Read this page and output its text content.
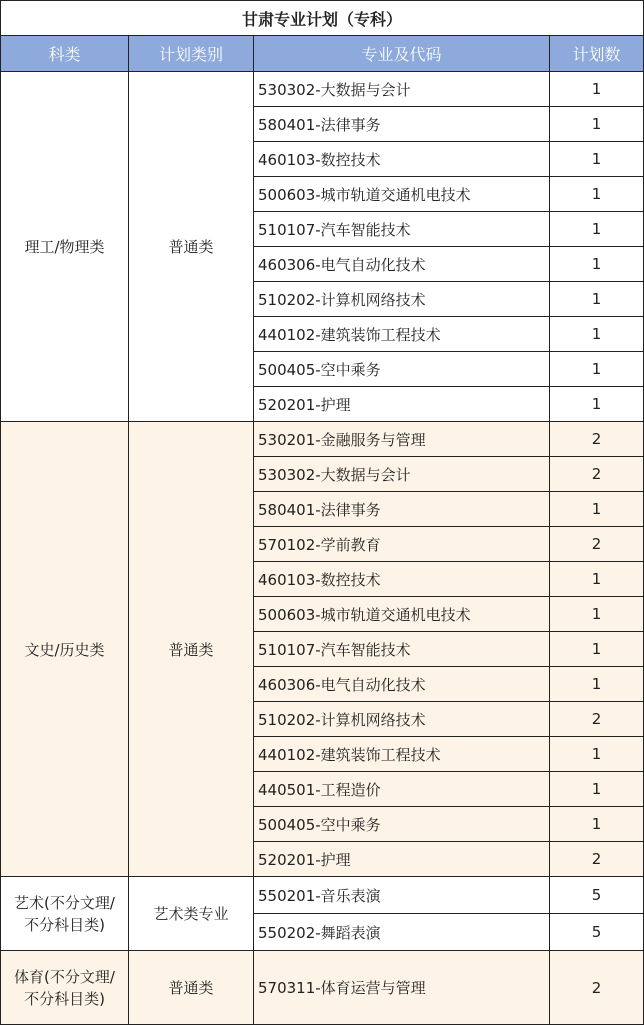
甘肃专业计划（专科）			
科类	计划类别	专业及代码	计划数
理工/物理类	普通类	530302-大数据与会计	1
		580401-法律事务	1
		460103-数控技术	1
		500603-城市轨道交通机电技术	1
		510107-汽车智能技术	1
		460306-电气自动化技术	1
		510202-计算机网络技术	1
		440102-建筑装饰工程技术	1
		500405-空中乘务	1
		520201-护理	1
文史/历史类	普通类	530201-金融服务与管理	2
		530302-大数据与会计	2
		580401-法律事务	1
		570102-学前教育	2
		460103-数控技术	1
		500603-城市轨道交通机电技术	1
		510107-汽车智能技术	1
		460306-电气自动化技术	1
		510202-计算机网络技术	2
		440102-建筑装饰工程技术	1
		440501-工程造价	1
		500405-空中乘务	1
		520201-护理	2

艺术(不分文理/
不分科目类)	艺术类专业	550201-音乐表演	5
		550202-舞蹈表演	5

体育(不分文理/
不分科目类)	普通类	570311-体育运营与管理	2
